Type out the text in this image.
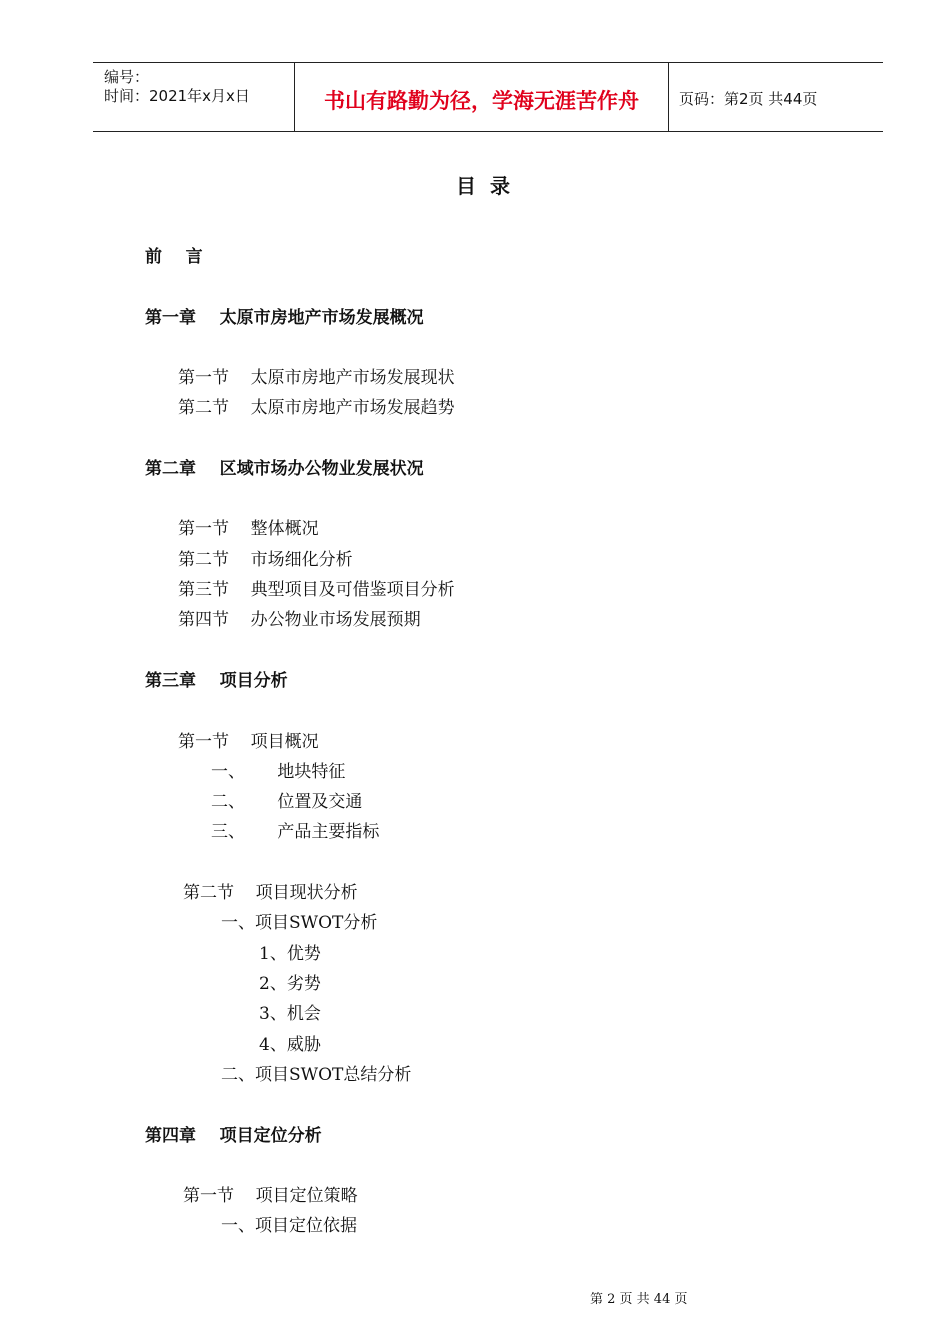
编号：
时间：2021年x月x日	书山有路勤为径，学海无涯苦作舟	页码：第2页 共44页
目录
前    言
第一章    太原市房地产市场发展概况
第一节    太原市房地产市场发展现状
第二节    太原市房地产市场发展趋势
第二章    区域市场办公物业发展状况
第一节    整体概况
第二节    市场细化分析
第三节    典型项目及可借鉴项目分析
第四节    办公物业市场发展预期
第三章    项目分析
第一节    项目概况
一、      地块特征
二、      位置及交通
三、      产品主要指标
第二节    项目现状分析
一、项目SWOT分析
1、优势
2、劣势
3、机会
4、威胁
二、项目SWOT总结分析
第四章    项目定位分析
第一节    项目定位策略
一、项目定位依据
第 2 页 共 44 页
